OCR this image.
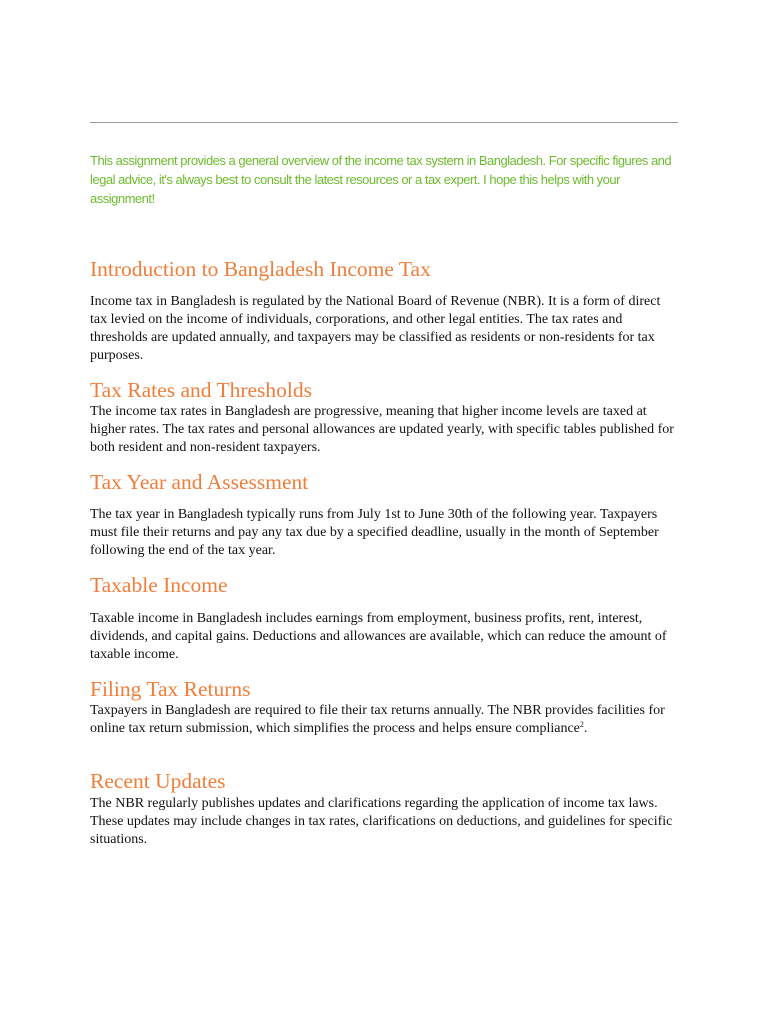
This assignment provides a general overview of the income tax system in Bangladesh. For specific figures and legal advice, it's always best to consult the latest resources or a tax expert. I hope this helps with your assignment!

Introduction to Bangladesh Income Tax

Income tax in Bangladesh is regulated by the National Board of Revenue (NBR). It is a form of direct tax levied on the income of individuals, corporations, and other legal entities. The tax rates and thresholds are updated annually, and taxpayers may be classified as residents or non-residents for tax purposes.

Tax Rates and Thresholds

The income tax rates in Bangladesh are progressive, meaning that higher income levels are taxed at higher rates. The tax rates and personal allowances are updated yearly, with specific tables published for both resident and non-resident taxpayers.

Tax Year and Assessment

The tax year in Bangladesh typically runs from July 1st to June 30th of the following year. Taxpayers must file their returns and pay any tax due by a specified deadline, usually in the month of September following the end of the tax year.

Taxable Income

Taxable income in Bangladesh includes earnings from employment, business profits, rent, interest, dividends, and capital gains. Deductions and allowances are available, which can reduce the amount of taxable income.

Filing Tax Returns

Taxpayers in Bangladesh are required to file their tax returns annually. The NBR provides facilities for online tax return submission, which simplifies the process and helps ensure compliance$^2$.

Recent Updates

The NBR regularly publishes updates and clarifications regarding the application of income tax laws. These updates may include changes in tax rates, clarifications on deductions, and guidelines for specific situations.
